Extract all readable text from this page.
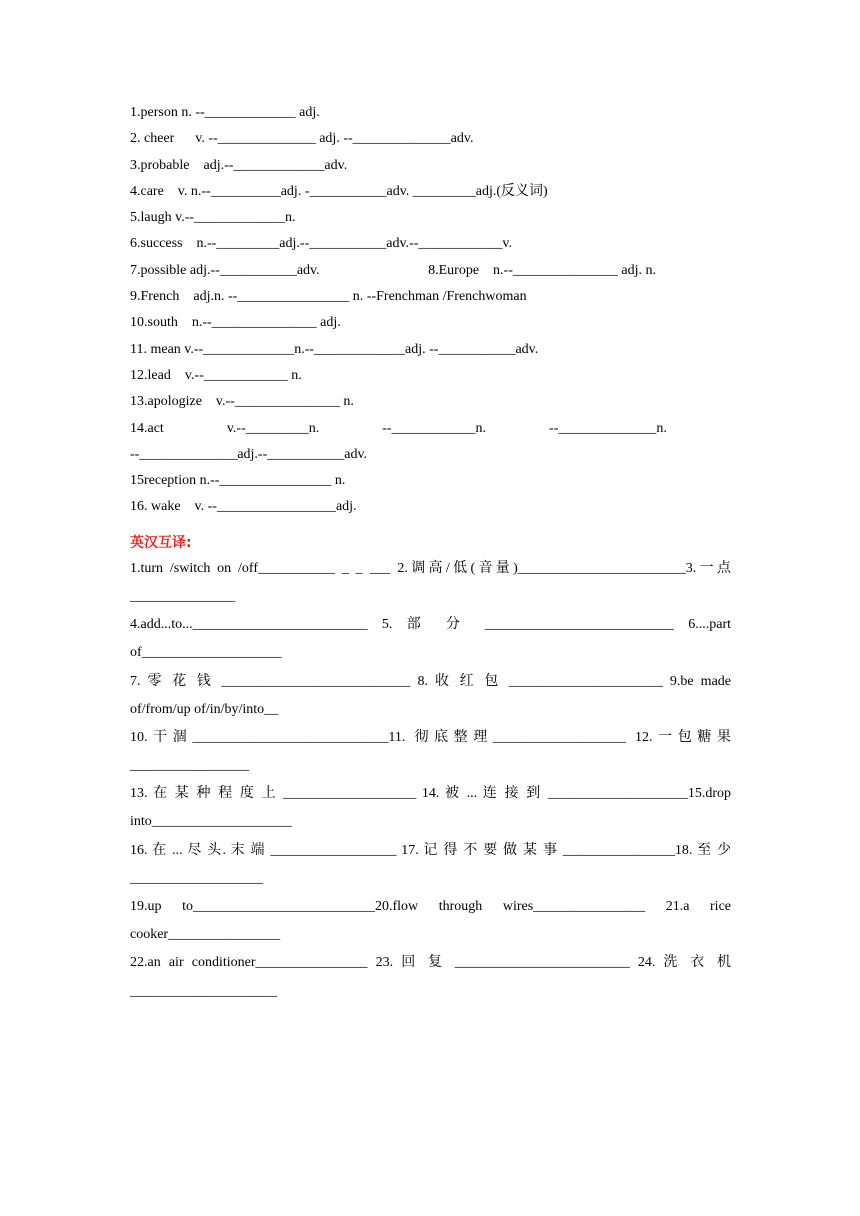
1.person n. --_____________ adj.
2. cheer      v. --______________ adj. --______________adv.
3.probable    adj.--_____________adv.
4.care    v. n.--__________adj. -___________adv. _________adj.(反义词)
5.laugh v.--_____________n.
6.success    n.--_________adj.--___________adv.--____________v.
7.possible adj.--___________adv.                               8.Europe    n.--_______________ adj. n.
9.French    adj.n. --________________ n. --Frenchman /Frenchwoman
10.south    n.--_______________ adj.
11. mean v.--_____________n.--_____________adj. --___________adv.
12.lead    v.--____________ n.
13.apologize    v.--_______________ n.
14.act                  v.--_________n.                  --____________n.                  --______________n.
--______________adj.--___________adv.
15reception n.--________________ n.
16. wake    v. --_________________adj.
英汉互译:
1.turn /switch on /off___________ _ _ ___ 2.调高/低(音量)________________________3.一点
_______________
4.add...to..._________________________ 5. 部 分 ___________________________ 6....part
of____________________
7. 零 花 钱 ___________________________ 8. 收 红 包 ______________________ 9.be made
of/from/up of/in/by/into__
10.干涸____________________________11. 彻底整理___________________ 12.一包糖果
_________________
13. 在 某 种 程 度 上 ___________________ 14. 被 ... 连 接 到 ____________________15.drop
into____________________
16. 在 ... 尽 头. 末 端 __________________ 17. 记 得 不 要 做 某 事 ________________18. 至 少
___________________
19.up to__________________________20.flow through wires________________ 21.a rice
cooker________________
22.an air conditioner________________ 23. 回 复 _________________________ 24. 洗 衣 机
_____________________
